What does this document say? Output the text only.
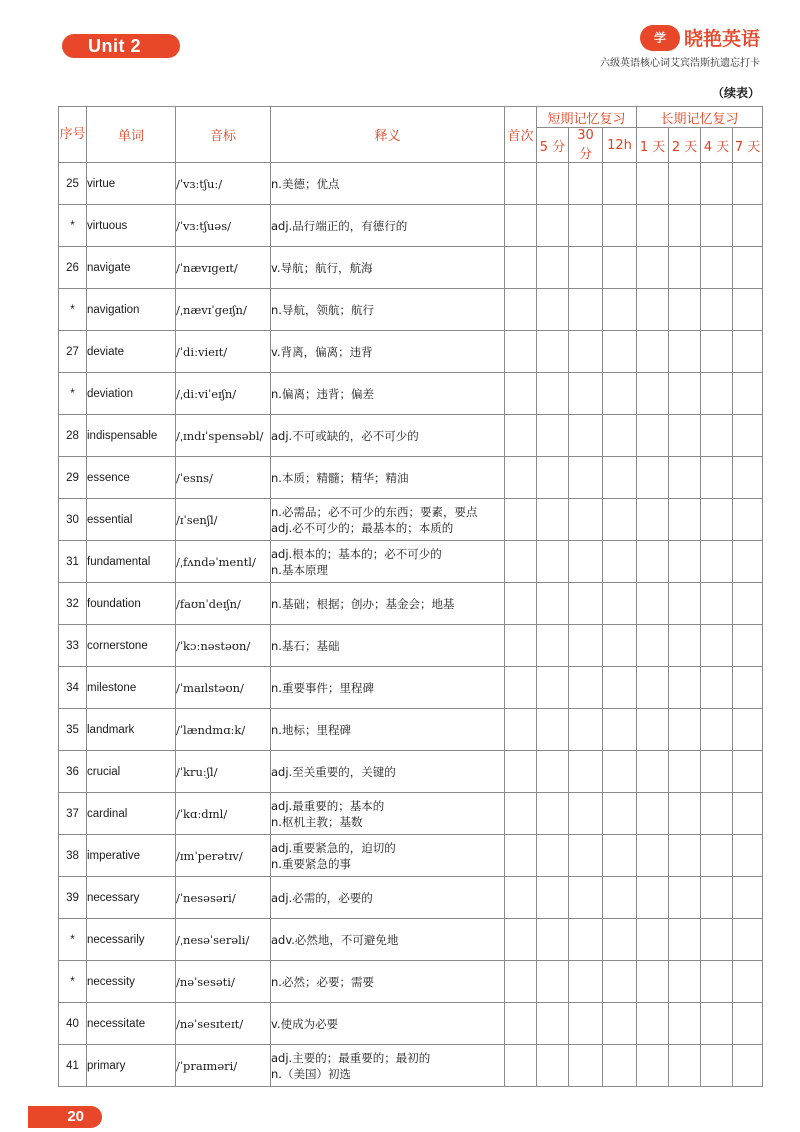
Unit 2	学 晓艳英语
六级英语核心词艾宾浩斯抗遗忘打卡
（续表）
序号	单词	音标	释义	首次	短期记忆复习			长期记忆复习			
					5 分	30 分	12h	1 天	2 天	4 天	7 天
25	virtue	/ˈvɜːtʃuː/	n.美德；优点								

*	virtuous	/ˈvɜːtʃuəs/	adj.品行端正的，有德行的								

26	navigate	/ˈnævɪgeɪt/	v.导航；航行，航海								

*	navigation	/ˌnævɪˈgeɪʃn/	n.导航，领航；航行								

27	deviate	/ˈdiːvieɪt/	v.背离，偏离；违背								

*	deviation	/ˌdiːviˈeɪʃn/	n.偏离；违背；偏差								

28	indispensable	/ˌɪndɪˈspensəbl/	adj.不可或缺的，必不可少的								

29	essence	/ˈesns/	n.本质；精髓；精华；精油								

30	essential	/ɪˈsenʃl/	n.必需品；必不可少的东西；要素，要点
adj.必不可少的；最基本的；本质的								

31	fundamental	/ˌfʌndəˈmentl/	adj.根本的；基本的；必不可少的
n.基本原理								

32	foundation	/faʊnˈdeɪʃn/	n.基础；根据；创办；基金会；地基								

33	cornerstone	/ˈkɔːnəstəʊn/	n.基石；基础								

34	milestone	/ˈmaɪlstəʊn/	n.重要事件；里程碑								

35	landmark	/ˈlændmɑːk/	n.地标；里程碑								

36	crucial	/ˈkruːʃl/	adj.至关重要的，关键的								

37	cardinal	/ˈkɑːdɪnl/	adj.最重要的；基本的
n.枢机主教；基数								

38	imperative	/ɪmˈperətɪv/	adj.重要紧急的，迫切的
n.重要紧急的事								

39	necessary	/ˈnesəsəri/	adj.必需的，必要的								

*	necessarily	/ˌnesəˈserəli/	adv.必然地，不可避免地								

*	necessity	/nəˈsesəti/	n.必然；必要；需要								

40	necessitate	/nəˈsesɪteɪt/	v.使成为必要								

41	primary	/ˈpraɪməri/	adj.主要的；最重要的；最初的
n.（美国）初选								

20
